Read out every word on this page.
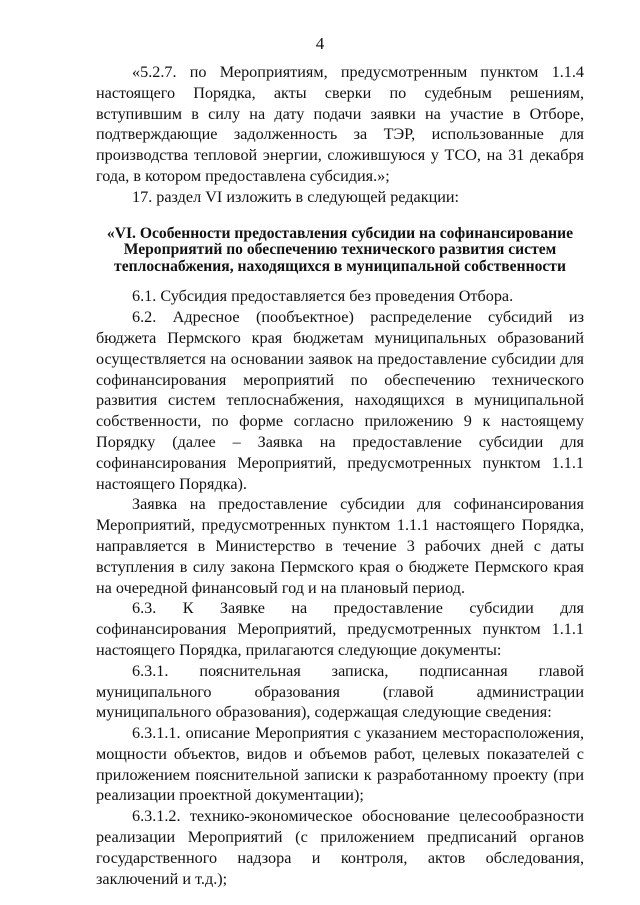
4

«5.2.7. по Мероприятиям, предусмотренным пунктом 1.1.4 настоящего Порядка, акты сверки по судебным решениям, вступившим в силу на дату подачи заявки на участие в Отборе, подтверждающие задолженность за ТЭР, использованные для производства тепловой энергии, сложившуюся у ТСО, на 31 декабря года, в котором предоставлена субсидия.»;

17. раздел VI изложить в следующей редакции:

«VI. Особенности предоставления субсидии на софинансирование Мероприятий по обеспечению технического развития систем теплоснабжения, находящихся в муниципальной собственности

6.1. Субсидия предоставляется без проведения Отбора.

6.2. Адресное (пообъектное) распределение субсидий из бюджета Пермского края бюджетам муниципальных образований осуществляется на основании заявок на предоставление субсидии для софинансирования мероприятий по обеспечению технического развития систем теплоснабжения, находящихся в муниципальной собственности, по форме согласно приложению 9 к настоящему Порядку (далее – Заявка на предоставление субсидии для софинансирования Мероприятий, предусмотренных пунктом 1.1.1 настоящего Порядка).

Заявка на предоставление субсидии для софинансирования Мероприятий, предусмотренных пунктом 1.1.1 настоящего Порядка, направляется в Министерство в течение 3 рабочих дней с даты вступления в силу закона Пермского края о бюджете Пермского края на очередной финансовый год и на плановый период.

6.3. К Заявке на предоставление субсидии для софинансирования Мероприятий, предусмотренных пунктом 1.1.1 настоящего Порядка, прилагаются следующие документы:

6.3.1. пояснительная записка, подписанная главой муниципального образования (главой администрации муниципального образования), содержащая следующие сведения:

6.3.1.1. описание Мероприятия с указанием месторасположения, мощности объектов, видов и объемов работ, целевых показателей с приложением пояснительной записки к разработанному проекту (при реализации проектной документации);

6.3.1.2. технико-экономическое обоснование целесообразности реализации Мероприятий (с приложением предписаний органов государственного надзора и контроля, актов обследования, заключений и т.д.);
